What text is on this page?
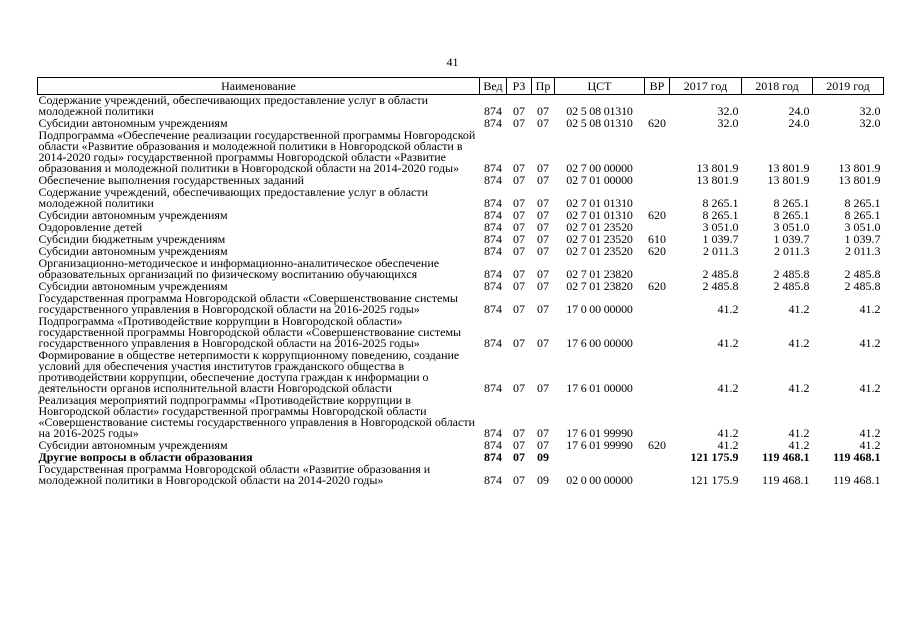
41
Наименование	Вед	РЗ	Пр	ЦСТ	ВР	2017 год	2018 год	2019 год
Содержание учреждений, обеспечивающих предоставление услуг в области молодежной политики	874	07	07	02 5 08 01310		32.0	24.0	32.0
Субсидии автономным учреждениям	874	07	07	02 5 08 01310	620	32.0	24.0	32.0
Подпрограмма «Обеспечение реализации государственной программы Новгородской области «Развитие образования и молодежной политики в Новгородской области в 2014-2020 годы» государственной программы Новгородской области «Развитие образования и молодежной политики в Новгородской области на 2014-2020 годы»	874	07	07	02 7 00 00000		13 801.9	13 801.9	13 801.9
Обеспечение выполнения государственных заданий	874	07	07	02 7 01 00000		13 801.9	13 801.9	13 801.9
Содержание учреждений, обеспечивающих предоставление услуг в области молодежной политики	874	07	07	02 7 01 01310		8 265.1	8 265.1	8 265.1
Субсидии автономным учреждениям	874	07	07	02 7 01 01310	620	8 265.1	8 265.1	8 265.1
Оздоровление детей	874	07	07	02 7 01 23520		3 051.0	3 051.0	3 051.0
Субсидии бюджетным учреждениям	874	07	07	02 7 01 23520	610	1 039.7	1 039.7	1 039.7
Субсидии автономным учреждениям	874	07	07	02 7 01 23520	620	2 011.3	2 011.3	2 011.3
Организационно-методическое и информационно-аналитическое обеспечение образовательных организаций по физическому воспитанию обучающихся	874	07	07	02 7 01 23820		2 485.8	2 485.8	2 485.8
Субсидии автономным учреждениям	874	07	07	02 7 01 23820	620	2 485.8	2 485.8	2 485.8
Государственная программа Новгородской области «Совершенствование системы государственного управления в Новгородской области на 2016-2025 годы»	874	07	07	17 0 00 00000		41.2	41.2	41.2
Подпрограмма «Противодействие коррупции в Новгородской области» государственной программы Новгородской области «Совершенствование системы государственного управления в Новгородской области на 2016-2025 годы»	874	07	07	17 6 00 00000		41.2	41.2	41.2
Формирование в обществе нетерпимости к коррупционному поведению, создание условий для обеспечения участия институтов гражданского общества в противодействии коррупции, обеспечение доступа граждан к информации о деятельности органов исполнительной власти Новгородской области	874	07	07	17 6 01 00000		41.2	41.2	41.2
Реализация мероприятий подпрограммы «Противодействие коррупции в Новгородской области» государственной программы Новгородской области «Совершенствование системы государственного управления в Новгородской области на 2016-2025 годы»	874	07	07	17 6 01 99990		41.2	41.2	41.2
Субсидии автономным учреждениям	874	07	07	17 6 01 99990	620	41.2	41.2	41.2
Другие вопросы в области образования	874	07	09			121 175.9	119 468.1	119 468.1
Государственная программа Новгородской области «Развитие образования и молодежной политики в Новгородской области на 2014-2020 годы»	874	07	09	02 0 00 00000		121 175.9	119 468.1	119 468.1
